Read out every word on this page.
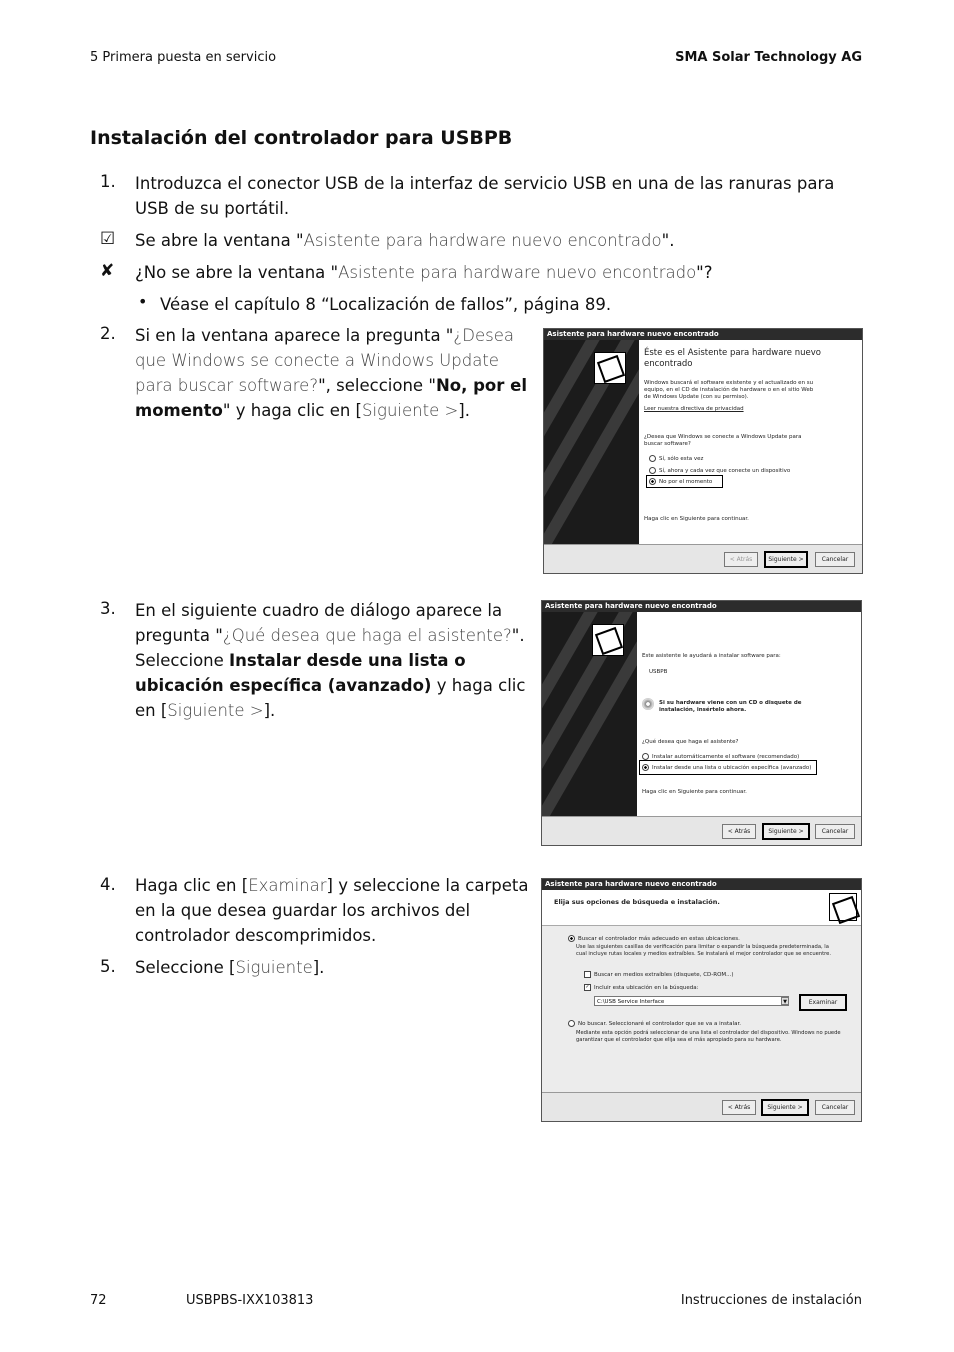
5 Primera puesta en servicio	SMA Solar Technology AG
Instalación del controlador para USBPB
1. Introduzca el conector USB de la interfaz de servicio USB en una de las ranuras para USB de su portátil.
☑ Se abre la ventana "Asistente para hardware nuevo encontrado".
✘ ¿No se abre la ventana "Asistente para hardware nuevo encontrado"?
• Véase el capítulo 8 “Localización de fallos”, página 89.
2. Si en la ventana aparece la pregunta "¿Desea que Windows se conecte a Windows Update para buscar software?", seleccione "No, por el momento" y haga clic en [Siguiente >].
Asistente para hardware nuevo encontrado
Éste es el Asistente para hardware nuevo encontrado
Windows buscará el software existente y el actualizado en su equipo, en el CD de instalación de hardware o en el sitio Web de Windows Update (con su permiso).
Leer nuestra directiva de privacidad
¿Desea que Windows se conecte a Windows Update para buscar software?
Sí, sólo esta vez
Sí, ahora y cada vez que conecte un dispositivo
No por el momento
Haga clic en Siguiente para continuar.
< Atrás	Siguiente >	Cancelar
3. En el siguiente cuadro de diálogo aparece la pregunta "¿Qué desea que haga el asistente?". Seleccione Instalar desde una lista o ubicación específica (avanzado) y haga clic en [Siguiente >].
Asistente para hardware nuevo encontrado
Este asistente le ayudará a instalar software para:
USBPB
Si su hardware viene con un CD o disquete de instalación, insértelo ahora.
¿Qué desea que haga el asistente?
Instalar automáticamente el software (recomendado)
Instalar desde una lista o ubicación específica (avanzado)
Haga clic en Siguiente para continuar.
< Atrás	Siguiente >	Cancelar
4. Haga clic en [Examinar] y seleccione la carpeta en la que desea guardar los archivos del controlador descomprimidos.
5. Seleccione [Siguiente].
Asistente para hardware nuevo encontrado
Elija sus opciones de búsqueda e instalación.
Buscar el controlador más adecuado en estas ubicaciones.
Use las siguientes casillas de verificación para limitar o expandir la búsqueda predeterminada, la cual incluye rutas locales y medios extraíbles. Se instalará el mejor controlador que se encuentre.
Buscar en medios extraíbles (disquete, CD-ROM...)
✓ Incluir esta ubicación en la búsqueda:
C:\USB Service Interface	▼	Examinar
No buscar. Seleccionaré el controlador que se va a instalar.
Mediante esta opción podrá seleccionar de una lista el controlador del dispositivo. Windows no puede garantizar que el controlador que elija sea el más apropiado para su hardware.
< Atrás	Siguiente >	Cancelar
72	USBPBS-IXX103813	Instrucciones de instalación
